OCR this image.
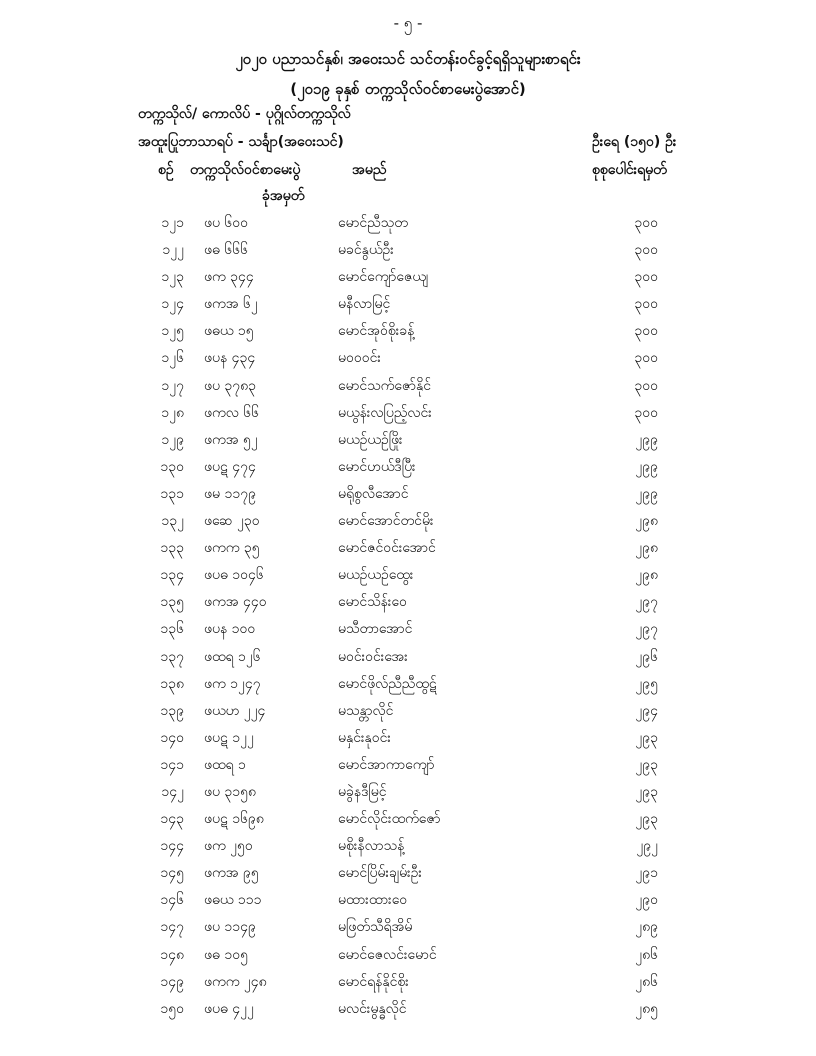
- ၅ -
၂၀၂၀ ပညာသင်နှစ်၊ အဝေးသင် သင်တန်းဝင်ခွင့်ရရှိသူများစာရင်း
(၂၀၁၉ ခုနှစ် တက္ကသိုလ်ဝင်စာမေးပွဲအောင်)
တက္ကသိုလ်/ ကောလိပ် - ပုဂ္ဂိုလ်တက္ကသိုလ်
အထူးပြုဘာသာရပ် - သင်္ချာ(အဝေးသင်)	ဦးရေ (၁၅၀) ဦး
စဉ် တက္ကသိုလ်ဝင်စာမေးပွဲ
ခုံအမှတ်
အမည်	စုစုပေါင်းရမှတ်
၁၂၁ ဖပ ၆၀၀	မောင်ညီသုတ	၃၀၀
၁၂၂ ဖဓ ၆၆၆	မခင်နွယ်ဦး	၃၀၀
၁၂၃ ဖက ၃၄၄	မောင်ကျော်ဇေယျ	၃၀၀
၁၂၄ ဖကအ ၆၂	မနီလာမြင့်	၃၀၀
၁၂၅ ဖဓယ ၁၅	မောင်အုဝ်စိုးခန့်	၃၀၀
၁၂၆ ဖပန ၄၃၄	မဝဝဝင်း	၃၀၀
၁၂၇ ဖပ ၃၇၈၃	မောင်သက်ဇော်နိုင်	၃၀၀
၁၂၈ ဖကလ ၆၆	မယွန်းလပြည့်လင်း	၃၀၀
၁၂၉ ဖကအ ၅၂	မယဉ်ယဉ်ဖြိုး	၂၉၉
၁၃၀ ဖပဋ ၄၇၄	မောင်ဟယ်ဒီပြီး	၂၉၉
၁၃၁ ဖမ ၁၁၇၉	မရိုစွလီအောင်	၂၉၉
၁၃၂ ဖဆေ ၂၃၀	မောင်အောင်တင်မိုး	၂၉၈
၁၃၃ ဖကက ၃၅	မောင်ဇင်ဝင်းအောင်	၂၉၈
၁၃၄ ဖပဓ ၁၀၄၆	မယဉ်ယဉ်ထွေး	၂၉၈
၁၃၅ ဖကအ ၄၄၀	မောင်သိန်းဝေ	၂၉၇
၁၃၆ ဖပန ၁၀၀	မသီတာအောင်	၂၉၇
၁၃၇ ဖထရ ၁၂၆	မဝင်းဝင်းအေး	၂၉၆
၁၃၈ ဖက ၁၂၄၇	မောင်ဖိုလ်ညီညီထွဋ်	၂၉၅
၁၃၉ ဖယဟ ၂၂၄	မသန္တာလိုင်	၂၉၄
၁၄၀ ဖပဋ ၁၂၂	မနှင်းနုဝင်း	၂၉၃
၁၄၁ ဖထရ ၁	မောင်အာကာကျော်	၂၉၃
၁၄၂ ဖပ ၃၁၅၈	မခွဲနဒီမြင့်	၂၉၃
၁၄၃ ဖပဋ ၁၆၉၈	မောင်လိုင်းထက်ဇော်	၂၉၃
၁၄၄ ဖက ၂၅၀	မစိုးနီလာသန့်	၂၉၂
၁၄၅ ဖကအ ၉၅	မောင်ပြိမ်းချမ်းဦး	၂၉၁
၁၄၆ ဖဓယ ၁၁၁	မထားထားဝေ	၂၉၀
၁၄၇ ဖပ ၁၁၄၉	မဖြတ်သီရိအိမ်	၂၈၉
၁၄၈ ဖဓ ၁၀၅	မောင်ဇေလင်းမောင်	၂၈၆
၁၄၉ ဖကက ၂၄၈	မောင်ရန်နိုင်စိုး	၂၈၆
၁၅၀ ဖပဓ ၄၂၂	မလင်းမွန္ဓလိုင်	၂၈၅
